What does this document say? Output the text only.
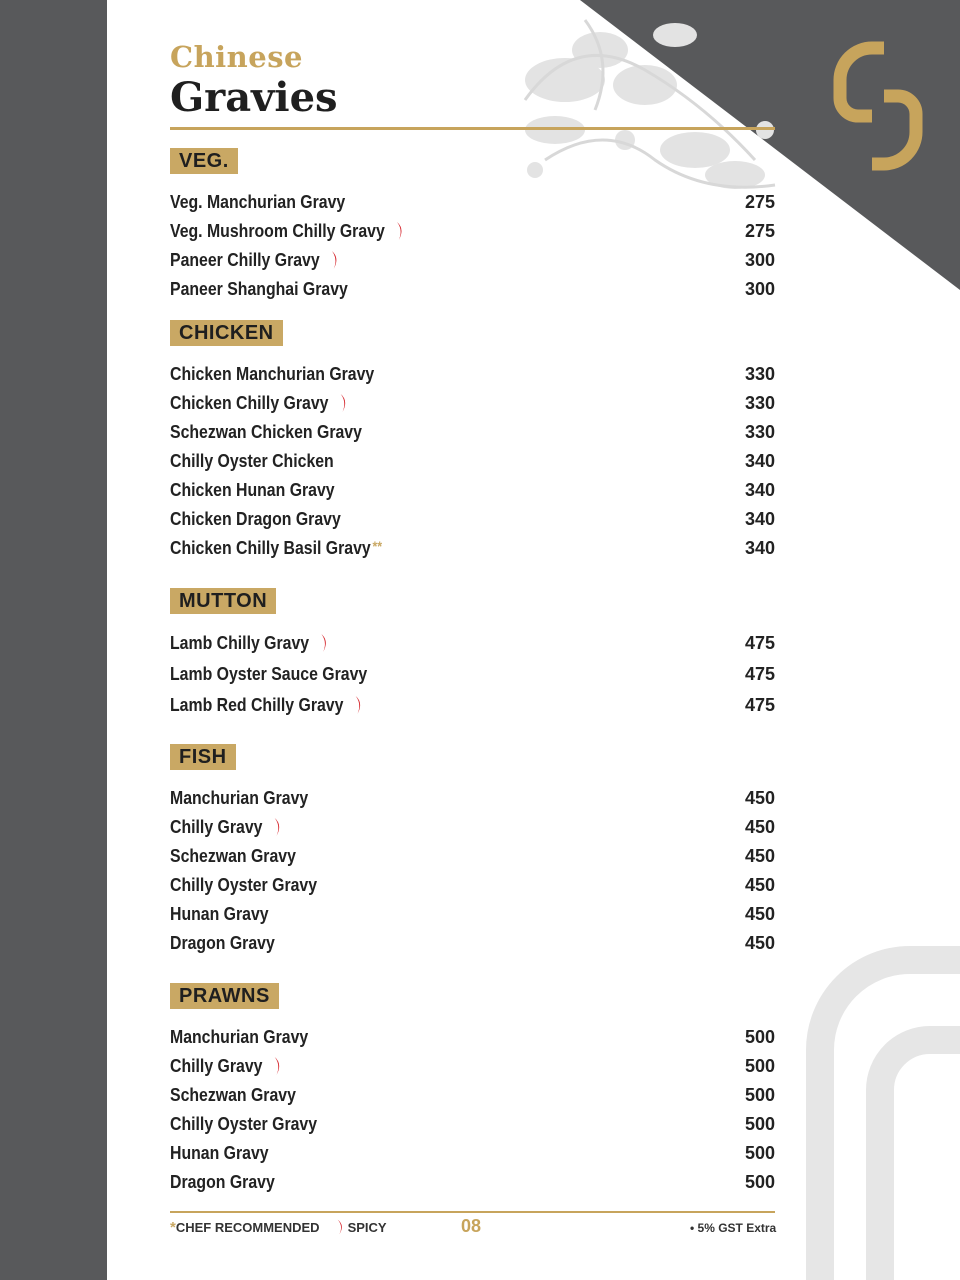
Chinese
Gravies
VEG.
Veg. Manchurian Gravy	275
Veg. Mushroom Chilly Gravy	275
Paneer Chilly Gravy	300
Paneer Shanghai Gravy	300
CHICKEN
Chicken Manchurian Gravy	330
Chicken Chilly Gravy	330
Schezwan Chicken Gravy	330
Chilly Oyster Chicken	340
Chicken Hunan Gravy	340
Chicken Dragon Gravy	340
Chicken Chilly Basil Gravy **	340
MUTTON
Lamb Chilly Gravy	475
Lamb Oyster Sauce Gravy	475
Lamb Red Chilly Gravy	475
FISH
Manchurian Gravy	450
Chilly Gravy	450
Schezwan Gravy	450
Chilly Oyster Gravy	450
Hunan Gravy	450
Dragon Gravy	450
PRAWNS
Manchurian Gravy	500
Chilly Gravy	500
Schezwan Gravy	500
Chilly Oyster Gravy	500
Hunan Gravy	500
Dragon Gravy	500
*CHEF RECOMMENDED SPICY	08	• 5% GST Extra
